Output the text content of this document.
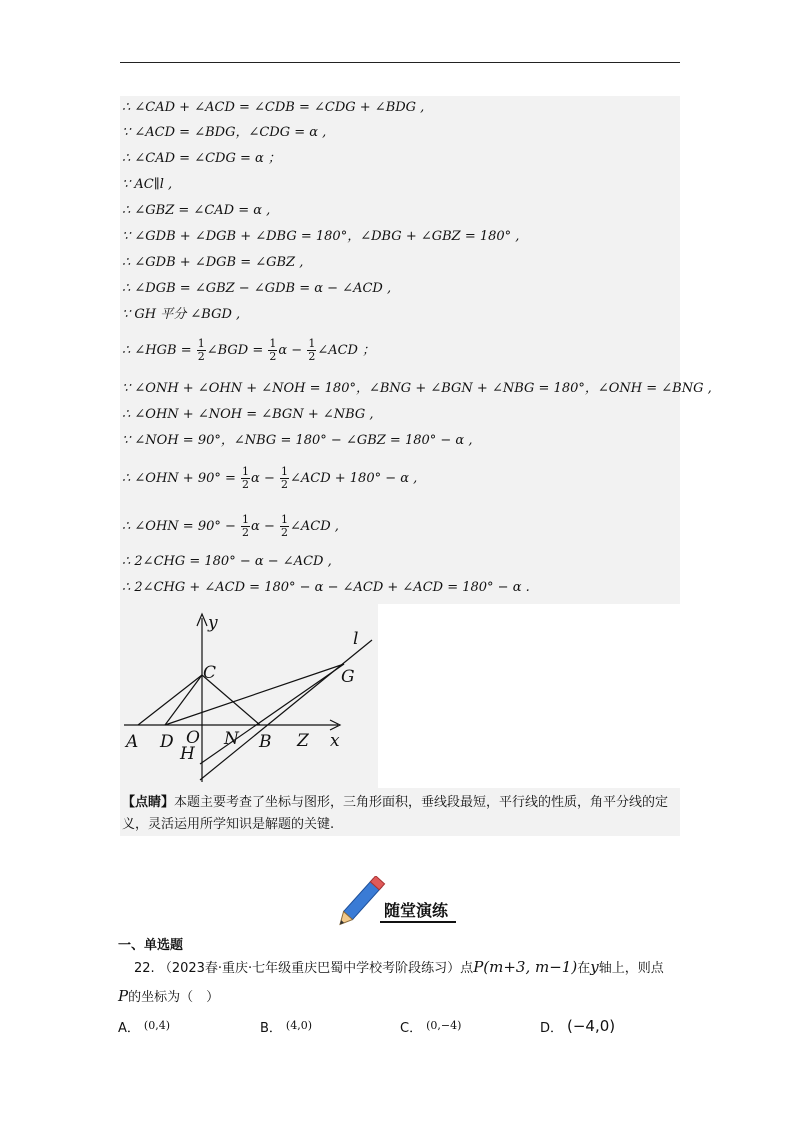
∴ ∠CAD + ∠ACD = ∠CDB = ∠CDG + ∠BDG ,
∵ ∠ACD = ∠BDG，∠CDG = α ,
∴ ∠CAD = ∠CDG = α ；
∵ AC∥l ,
∴ ∠GBZ = ∠CAD = α ,
∵ ∠GDB + ∠DGB + ∠DBG = 180°，∠DBG + ∠GBZ = 180° ,
∴ ∠GDB + ∠DGB = ∠GBZ ,
∴ ∠DGB = ∠GBZ − ∠GDB = α − ∠ACD ,
∵ GH 平分 ∠BGD ,
∴ ∠HGB = $\frac{1}{2}$ ∠BGD = $\frac{1}{2}$ $\alpha - \frac{1}{2}$ ∠ACD ；
∵ ∠ONH + ∠OHN + ∠NOH = 180°，∠BNG + ∠BGN + ∠NBG = 180°，∠ONH = ∠BNG ,
∴ ∠OHN + ∠NOH = ∠BGN + ∠NBG ,
∵ ∠NOH = 90°，∠NBG = 180° − ∠GBZ = 180° − α ,
∴ ∠OHN + $90^\circ = \frac{1}{2}$ $\alpha - \frac{1}{2}$ ∠ACD + 180° − α ,
∴ ∠OHN = $90^\circ - \frac{1}{2}$ $\alpha - \frac{1}{2}$ ∠ACD ,
∴ 2∠CHG = 180° − α − ∠ACD ,
∴ 2∠CHG + ∠ACD = 180° − α − ∠ACD + ∠ACD = 180° − α .
y
x
l
C	G
A D O
H
N B Z
【点睛】本题主要考查了坐标与图形，三角形面积，垂线段最短，平行线的性质，角平分线的定义，灵活运用所学知识是解题的关键.
随堂演练
一、单选题
22. （2023春·重庆·七年级重庆巴蜀中学校考阶段练习）点P(m+3, m−1)在y轴上，则点
P的坐标为（　）
A． $^{(0,4)}$	B． $^{(4,0)}$	C． $^{(0,-4)}$	D． (−4,0)
